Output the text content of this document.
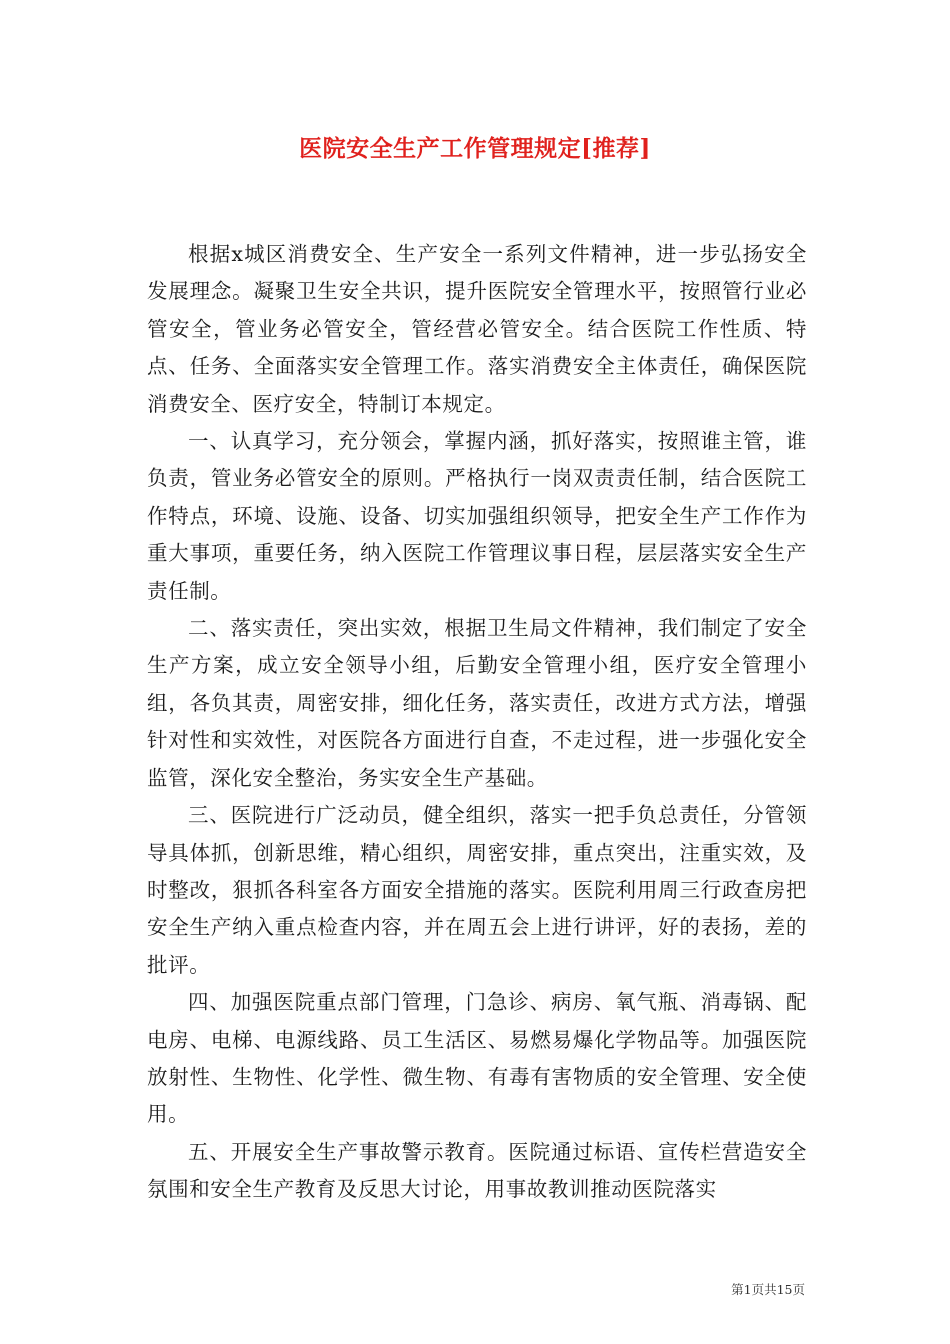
医院安全生产工作管理规定[推荐]

根据x城区消费安全、生产安全一系列文件精神，进一步弘扬安全发展理念。凝聚卫生安全共识，提升医院安全管理水平，按照管行业必管安全，管业务必管安全，管经营必管安全。结合医院工作性质、特点、任务、全面落实安全管理工作。落实消费安全主体责任，确保医院消费安全、医疗安全，特制订本规定。

一、认真学习，充分领会，掌握内涵，抓好落实，按照谁主管，谁负责，管业务必管安全的原则。严格执行一岗双责责任制，结合医院工作特点，环境、设施、设备、切实加强组织领导，把安全生产工作作为重大事项，重要任务，纳入医院工作管理议事日程，层层落实安全生产责任制。

二、落实责任，突出实效，根据卫生局文件精神，我们制定了安全生产方案，成立安全领导小组，后勤安全管理小组，医疗安全管理小组，各负其责，周密安排，细化任务，落实责任，改进方式方法，增强针对性和实效性，对医院各方面进行自查，不走过程，进一步强化安全监管，深化安全整治，务实安全生产基础。

三、医院进行广泛动员，健全组织，落实一把手负总责任，分管领导具体抓，创新思维，精心组织，周密安排，重点突出，注重实效，及时整改，狠抓各科室各方面安全措施的落实。医院利用周三行政查房把安全生产纳入重点检查内容，并在周五会上进行讲评，好的表扬，差的批评。

四、加强医院重点部门管理，门急诊、病房、氧气瓶、消毒锅、配电房、电梯、电源线路、员工生活区、易燃易爆化学物品等。加强医院放射性、生物性、化学性、微生物、有毒有害物质的安全管理、安全使用。

五、开展安全生产事故警示教育。医院通过标语、宣传栏营造安全氛围和安全生产教育及反思大讨论，用事故教训推动医院落实

第1页共15页
